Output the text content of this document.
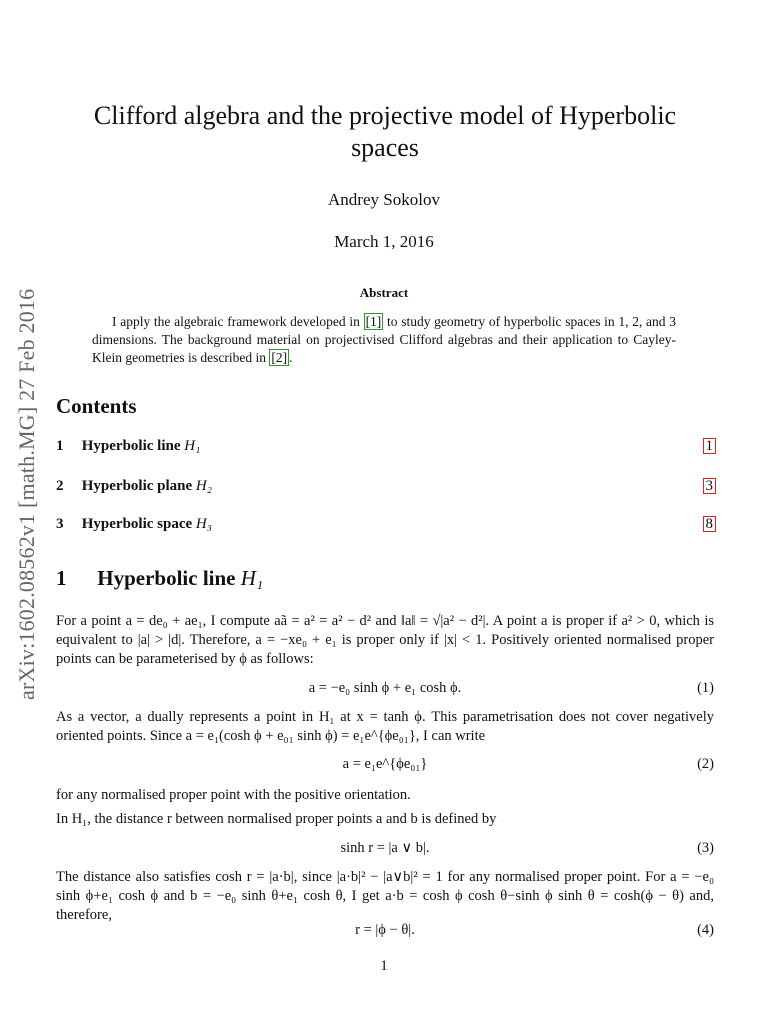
arXiv:1602.08562v1 [math.MG] 27 Feb 2016
Clifford algebra and the projective model of Hyperbolic spaces
Andrey Sokolov
March 1, 2016
Abstract
I apply the algebraic framework developed in [1] to study geometry of hyperbolic spaces in 1, 2, and 3 dimensions. The background material on projectivised Clifford algebras and their application to Cayley-Klein geometries is described in [2] .
Contents
1 Hyperbolic line H₁	1
2 Hyperbolic plane H₂	3
3 Hyperbolic space H₃	8
1 Hyperbolic line H₁
For a point a = de₀ + ae₁, I compute aã = a² = a² − d² and ‖a‖ = √|a² − d²|. A point a is proper if a² > 0, which is equivalent to |a| > |d|. Therefore, a = −xe₀ + e₁ is proper only if |x| < 1. Positively oriented normalised proper points can be parameterised by ϕ as follows:
a = −e₀ sinh ϕ + e₁ cosh ϕ.	(1)
As a vector, a dually represents a point in H₁ at x = tanh ϕ. This parametrisation does not cover negatively oriented points. Since a = e₁(cosh ϕ + e₀₁ sinh ϕ) = e₁e^{ϕe₀₁}, I can write
a = e₁e^{ϕe₀₁}	(2)
for any normalised proper point with the positive orientation.
In H₁, the distance r between normalised proper points a and b is defined by
sinh r = |a ∨ b|.	(3)
The distance also satisfies cosh r = |a·b|, since |a·b|² − |a∨b|² = 1 for any normalised proper point. For a = −e₀ sinh ϕ+e₁ cosh ϕ and b = −e₀ sinh θ+e₁ cosh θ, I get a·b = cosh ϕ cosh θ−sinh ϕ sinh θ = cosh(ϕ − θ) and, therefore,
r = |ϕ − θ|.	(4)
1
